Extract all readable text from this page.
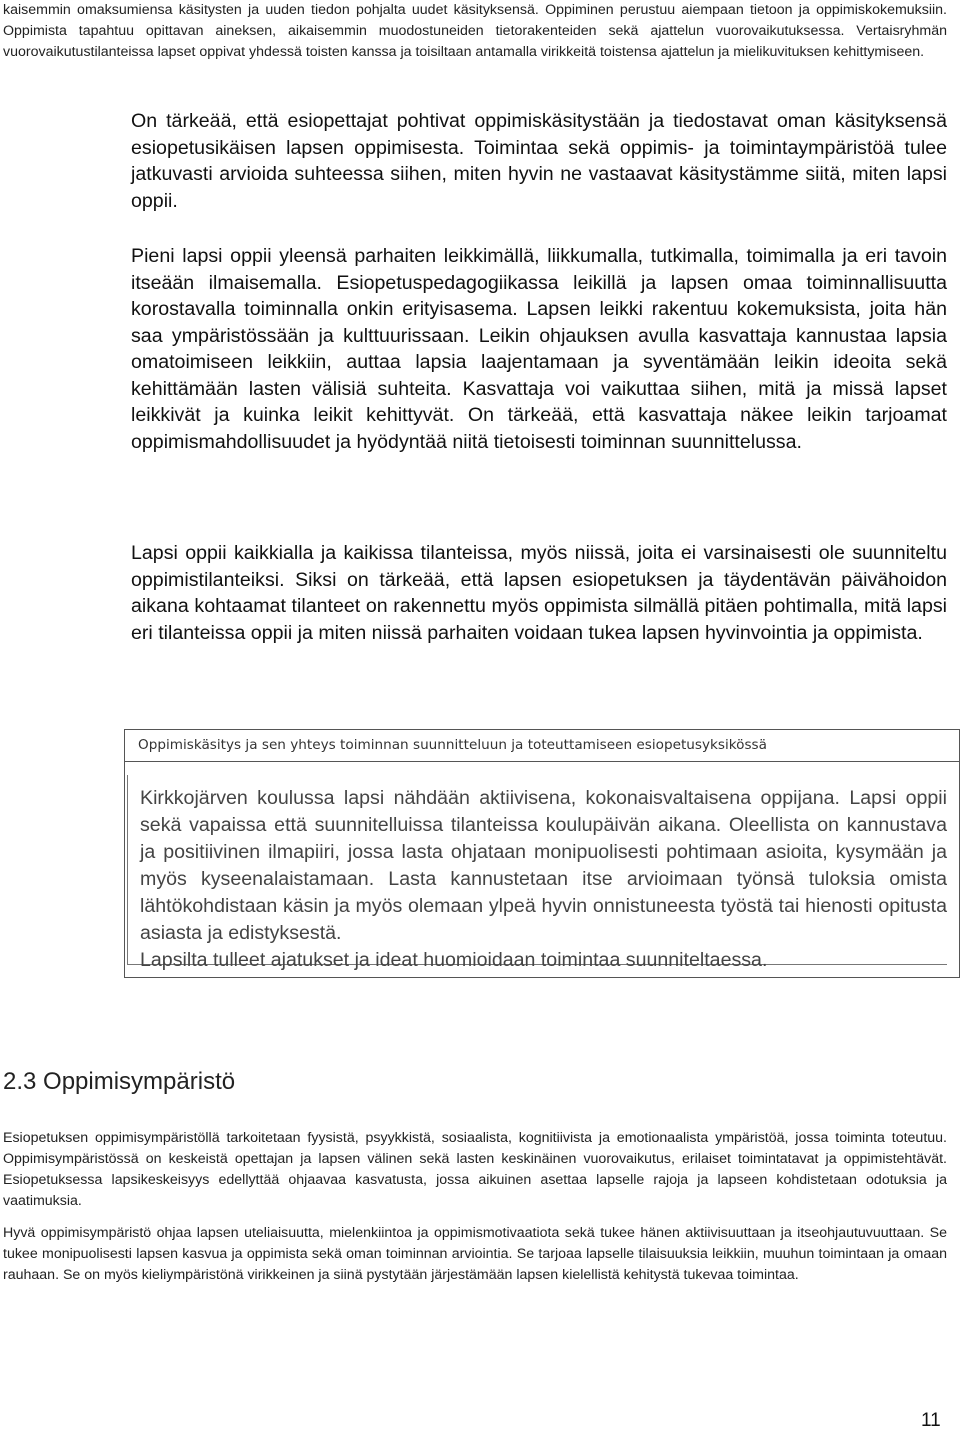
kaisemmin omaksumiensa käsitysten ja uuden tiedon pohjalta uudet käsityksensä. Oppiminen perustuu aiempaan tietoon ja oppimiskokemuksiin. Oppimista tapahtuu opittavan aineksen, aikaisemmin muodostuneiden tietorakenteiden sekä ajattelun vuorovaikutuksessa. Vertaisryhmän vuorovaikutustilanteissa lapset oppivat yhdessä toisten kanssa ja toisiltaan antamalla virikkeitä toistensa ajattelun ja mielikuvituksen kehittymiseen.

On tärkeää, että esiopettajat pohtivat oppimiskäsitystään ja tiedostavat oman käsityksensä esiopetusikäisen lapsen oppimisesta. Toimintaa sekä oppimis- ja toimintaympäristöä tulee jatkuvasti arvioida suhteessa siihen, miten hyvin ne vastaavat käsitystämme siitä, miten lapsi oppii.

Pieni lapsi oppii yleensä parhaiten leikkimällä, liikkumalla, tutkimalla, toimimalla ja eri tavoin itseään ilmaisemalla. Esiopetuspedagogiikassa leikillä ja lapsen omaa toiminnallisuutta korostavalla toiminnalla onkin erityisasema. Lapsen leikki rakentuu kokemuksista, joita hän saa ympäristössään ja kulttuurissaan. Leikin ohjauksen avulla kasvattaja kannustaa lapsia omatoimiseen leikkiin, auttaa lapsia laajentamaan ja syventämään leikin ideoita sekä kehittämään lasten välisiä suhteita. Kasvattaja voi vaikuttaa siihen, mitä ja missä lapset leikkivät ja kuinka leikit kehittyvät. On tärkeää, että kasvattaja näkee leikin tarjoamat oppimismahdollisuudet ja hyödyntää niitä tietoisesti toiminnan suunnittelussa.

Lapsi oppii kaikkialla ja kaikissa tilanteissa, myös niissä, joita ei varsinaisesti ole suunniteltu oppimistilanteiksi. Siksi on tärkeää, että lapsen esiopetuksen ja täydentävän päivähoidon aikana kohtaamat tilanteet on rakennettu myös oppimista silmällä pitäen pohtimalla, mitä lapsi eri tilanteissa oppii ja miten niissä parhaiten voidaan tukea lapsen hyvinvointia ja oppimista.

Oppimiskäsitys ja sen yhteys toiminnan suunnitteluun ja toteuttamiseen esiopetusyksikössä

Kirkkojärven koulussa lapsi nähdään aktiivisena, kokonaisvaltaisena oppijana. Lapsi oppii sekä vapaissa että suunnitelluissa tilanteissa koulupäivän aikana. Oleellista on kannustava ja positiivinen ilmapiiri, jossa lasta ohjataan monipuolisesti pohtimaan asioita, kysymään ja myös kyseenalaistamaan. Lasta kannustetaan itse arvioimaan työnsä tuloksia omista lähtökohdistaan käsin ja myös olemaan ylpeä hyvin onnistuneesta työstä tai hienosti opitusta asiasta ja edistyksestä.

Lapsilta tulleet ajatukset ja ideat huomioidaan toimintaa suunniteltaessa.

2.3 Oppimisympäristö

Esiopetuksen oppimisympäristöllä tarkoitetaan fyysistä, psyykkistä, sosiaalista, kognitiivista ja emotionaalista ympäristöä, jossa toiminta toteutuu. Oppimisympäristössä on keskeistä opettajan ja lapsen välinen sekä lasten keskinäinen vuorovaikutus, erilaiset toimintatavat ja oppimistehtävät. Esiopetuksessa lapsikeskeisyys edellyttää ohjaavaa kasvatusta, jossa aikuinen asettaa lapselle rajoja ja lapseen kohdistetaan odotuksia ja vaatimuksia.

Hyvä oppimisympäristö ohjaa lapsen uteliaisuutta, mielenkiintoa ja oppimismotivaatiota sekä tukee hänen aktiivisuuttaan ja itseohjautuvuuttaan. Se tukee monipuolisesti lapsen kasvua ja oppimista sekä oman toiminnan arviointia. Se tarjoaa lapselle tilaisuuksia leikkiin, muuhun toimintaan ja omaan rauhaan. Se on myös kieliympäristönä virikkeinen ja siinä pystytään järjestämään lapsen kielellistä kehitystä tukevaa toimintaa.

11
